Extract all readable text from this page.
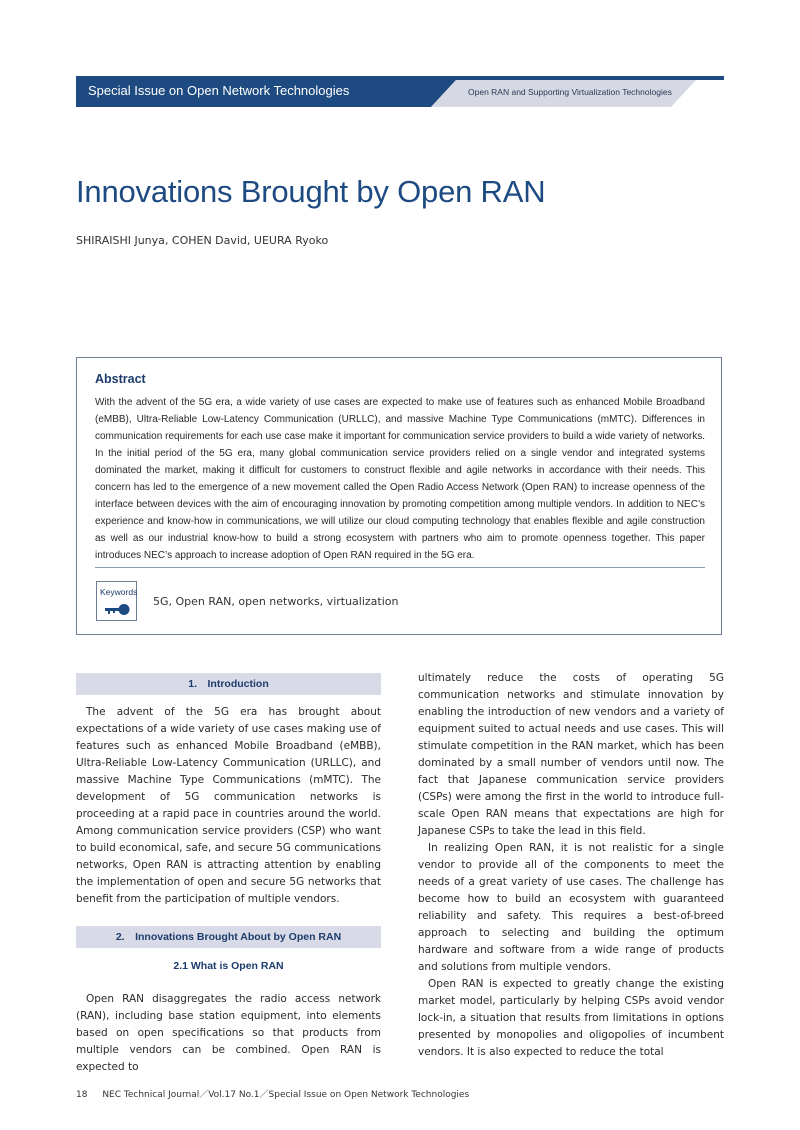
Special Issue on Open Network Technologies	Open RAN and Supporting Virtualization Technologies
Innovations Brought by Open RAN
SHIRAISHI Junya, COHEN David, UEURA Ryoko
Abstract

With the advent of the 5G era, a wide variety of use cases are expected to make use of features such as enhanced Mobile Broadband (eMBB), Ultra-Reliable Low-Latency Communication (URLLC), and massive Machine Type Communications (mMTC). Differences in communication requirements for each use case make it important for communication service providers to build a wide variety of networks. In the initial period of the 5G era, many global communication service providers relied on a single vendor and integrated systems dominated the market, making it difficult for customers to construct flexible and agile networks in accordance with their needs. This concern has led to the emergence of a new movement called the Open Radio Access Network (Open RAN) to increase openness of the interface between devices with the aim of encouraging innovation by promoting competition among multiple vendors. In addition to NEC’s experience and know-how in communications, we will utilize our cloud computing technology that enables flexible and agile construction as well as our industrial know-how to build a strong ecosystem with partners who aim to promote openness together. This paper introduces NEC’s approach to increase adoption of Open RAN required in the 5G era.

Keywords
5G, Open RAN, open networks, virtualization
1. Introduction

The advent of the 5G era has brought about expectations of a wide variety of use cases making use of features such as enhanced Mobile Broadband (eMBB), Ultra-Reliable Low-Latency Communication (URLLC), and massive Machine Type Communications (mMTC). The development of 5G communication networks is proceeding at a rapid pace in countries around the world. Among communication service providers (CSP) who want to build economical, safe, and secure 5G communications networks, Open RAN is attracting attention by enabling the implementation of open and secure 5G networks that benefit from the participation of multiple vendors.

2. Innovations Brought About by Open RAN
2.1 What is Open RAN

Open RAN disaggregates the radio access network (RAN), including base station equipment, into elements based on open specifications so that products from multiple vendors can be combined. Open RAN is expected to

ultimately reduce the costs of operating 5G communication networks and stimulate innovation by enabling the introduction of new vendors and a variety of equipment suited to actual needs and use cases. This will stimulate competition in the RAN market, which has been dominated by a small number of vendors until now. The fact that Japanese communication service providers (CSPs) were among the first in the world to introduce full-scale Open RAN means that expectations are high for Japanese CSPs to take the lead in this field.

In realizing Open RAN, it is not realistic for a single vendor to provide all of the components to meet the needs of a great variety of use cases. The challenge has become how to build an ecosystem with guaranteed reliability and safety. This requires a best-of-breed approach to selecting and building the optimum hardware and software from a wide range of products and solutions from multiple vendors.

Open RAN is expected to greatly change the existing market model, particularly by helping CSPs avoid vendor lock-in, a situation that results from limitations in options presented by monopolies and oligopolies of incumbent vendors. It is also expected to reduce the total

18 NEC Technical Journal／Vol.17 No.1／Special Issue on Open Network Technologies
